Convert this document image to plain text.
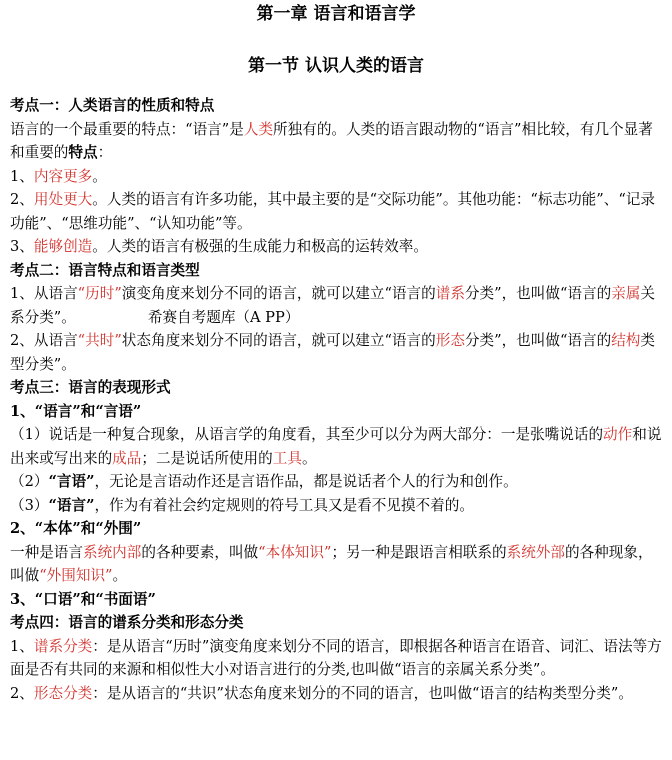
第一章 语言和语言学
第一节 认识人类的语言
考点一：人类语言的性质和特点

语言的一个最重要的特点：“语言”是人类所独有的。人类的语言跟动物的“语言”相比较，有几个显著和重要的特点：

1、内容更多。

2、用处更大。人类的语言有许多功能，其中最主要的是“交际功能”。其他功能：“标志功能”、“记录功能”、“思维功能”、“认知功能”等。

3、能够创造。人类的语言有极强的生成能力和极高的运转效率。

考点二：语言特点和语言类型

1、从语言“历时”演变角度来划分不同的语言，就可以建立“语言的谱系分类”，也叫做“语言的亲属关系分类”。	希赛自考题库（A PP）

2、从语言“共时”状态角度来划分不同的语言，就可以建立“语言的形态分类”，也叫做“语言的结构类型分类”。

考点三：语言的表现形式
1、“语言”和“言语”

（1）说话是一种复合现象，从语言学的角度看，其至少可以分为两大部分：一是张嘴说话的动作和说出来或写出来的成品；二是说话所使用的工具。

（2）“言语”，无论是言语动作还是言语作品，都是说话者个人的行为和创作。

（3）“语言”，作为有着社会约定规则的符号工具又是看不见摸不着的。

2、“本体”和“外围”

一种是语言系统内部的各种要素，叫做“本体知识”；另一种是跟语言相联系的系统外部的各种现象，叫做“外围知识”。

3、“口语”和“书面语”
考点四：语言的谱系分类和形态分类

1、谱系分类：是从语言“历时”演变角度来划分不同的语言，即根据各种语言在语音、词汇、语法等方面是否有共同的来源和相似性大小对语言进行的分类,也叫做“语言的亲属关系分类”。

2、形态分类：是从语言的“共识”状态角度来划分的不同的语言，也叫做“语言的结构类型分类”。
